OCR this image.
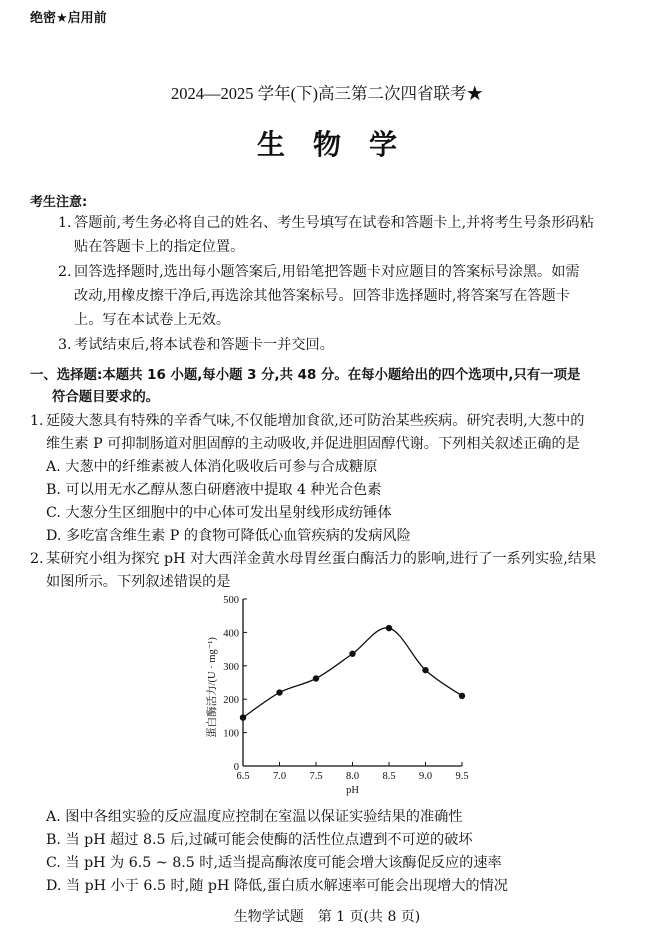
绝密★启用前
2024—2025 学年(下)高三第二次四省联考★
生物学
考生注意:
1. 答题前,考生务必将自己的姓名、考生号填写在试卷和答题卡上,并将考生号条形码粘
贴在答题卡上的指定位置。
2. 回答选择题时,选出每小题答案后,用铅笔把答题卡对应题目的答案标号涂黑。如需
改动,用橡皮擦干净后,再选涂其他答案标号。回答非选择题时,将答案写在答题卡
上。写在本试卷上无效。
3. 考试结束后,将本试卷和答题卡一并交回。
一、选择题:本题共 16 小题,每小题 3 分,共 48 分。在每小题给出的四个选项中,只有一项是
符合题目要求的。
1. 延陵大葱具有特殊的辛香气味,不仅能增加食欲,还可防治某些疾病。研究表明,大葱中的
维生素 P 可抑制肠道对胆固醇的主动吸收,并促进胆固醇代谢。下列相关叙述正确的是
A. 大葱中的纤维素被人体消化吸收后可参与合成糖原
B. 可以用无水乙醇从葱白研磨液中提取 4 种光合色素
C. 大葱分生区细胞中的中心体可发出星射线形成纺锤体
D. 多吃富含维生素 P 的食物可降低心血管疾病的发病风险
2. 某研究小组为探究 pH 对大西洋金黄水母胃丝蛋白酶活力的影响,进行了一系列实验,结果
如图所示。下列叙述错误的是
0
100
200
300
400
500
6.5 7.0 7.5 8.0 8.5 9.0 9.5
pH
蛋白酶活力/(U · mg⁻¹)
A. 图中各组实验的反应温度应控制在室温以保证实验结果的准确性
B. 当 pH 超过 8.5 后,过碱可能会使酶的活性位点遭到不可逆的破坏
C. 当 pH 为 6.5 ~ 8.5 时,适当提高酶浓度可能会增大该酶促反应的速率
D. 当 pH 小于 6.5 时,随 pH 降低,蛋白质水解速率可能会出现增大的情况
生物学试题　第 1 页(共 8 页)
